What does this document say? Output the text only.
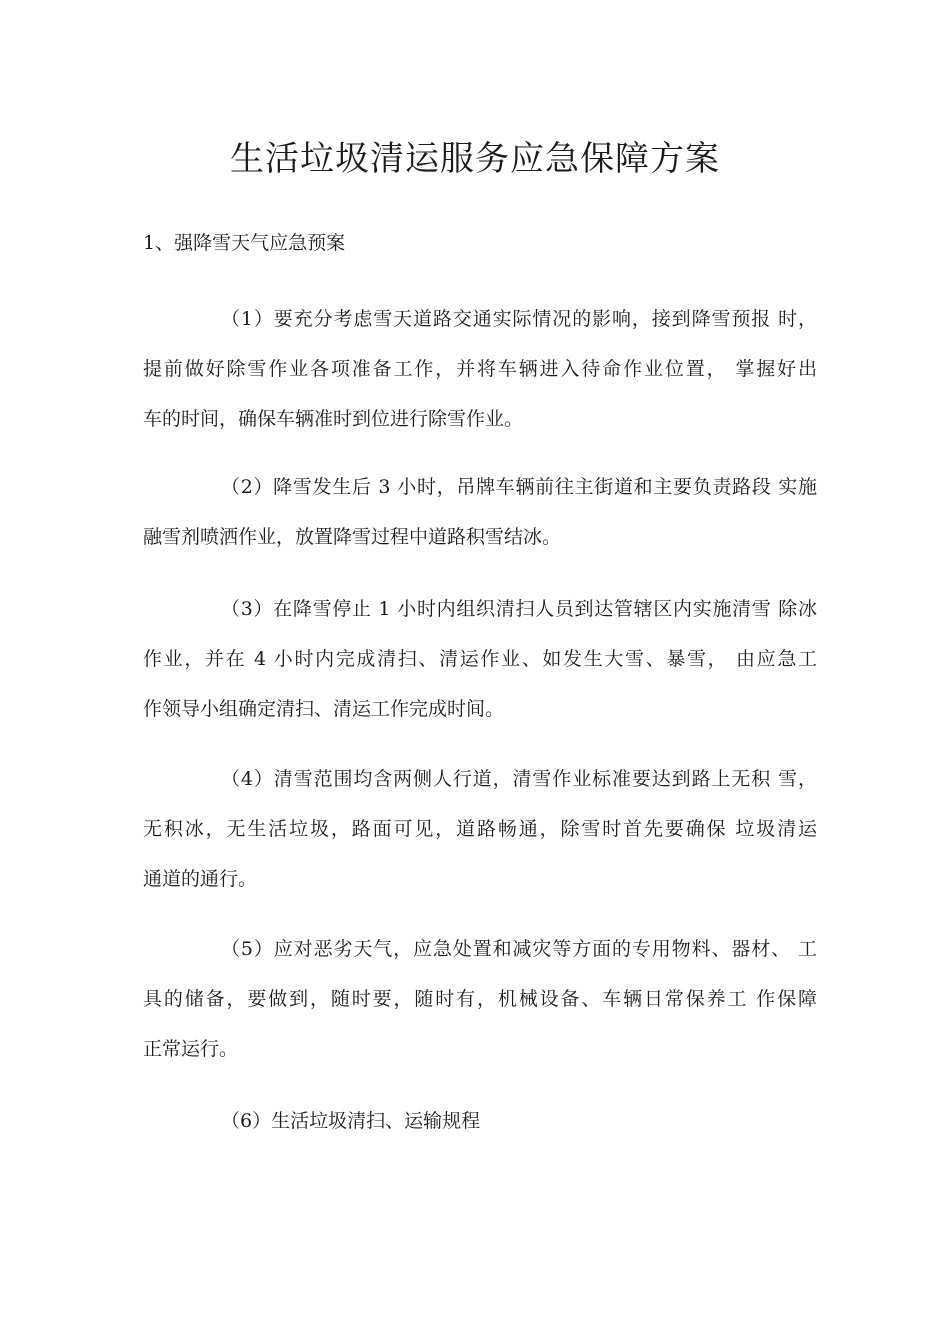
生活垃圾清运服务应急保障方案
1、强降雪天气应急预案

（1）要充分考虑雪天道路交通实际情况的影响，接到降雪预报 时，
提前做好除雪作业各项准备工作，并将车辆进入待命作业位置， 掌握好出
车的时间，确保车辆准时到位进行除雪作业。

（2）降雪发生后 3 小时，吊牌车辆前往主街道和主要负责路段 实施
融雪剂喷洒作业，放置降雪过程中道路积雪结冰。

（3）在降雪停止 1 小时内组织清扫人员到达管辖区内实施清雪 除冰
作业，并在 4 小时内完成清扫、清运作业、如发生大雪、暴雪， 由应急工
作领导小组确定清扫、清运工作完成时间。

（4）清雪范围均含两侧人行道，清雪作业标准要达到路上无积 雪，
无积冰，无生活垃圾，路面可见，道路畅通，除雪时首先要确保 垃圾清运
通道的通行。

（5）应对恶劣天气，应急处置和减灾等方面的专用物料、器材、 工
具的储备，要做到，随时要，随时有，机械设备、车辆日常保养工 作保障
正常运行。

（6）生活垃圾清扫、运输规程
